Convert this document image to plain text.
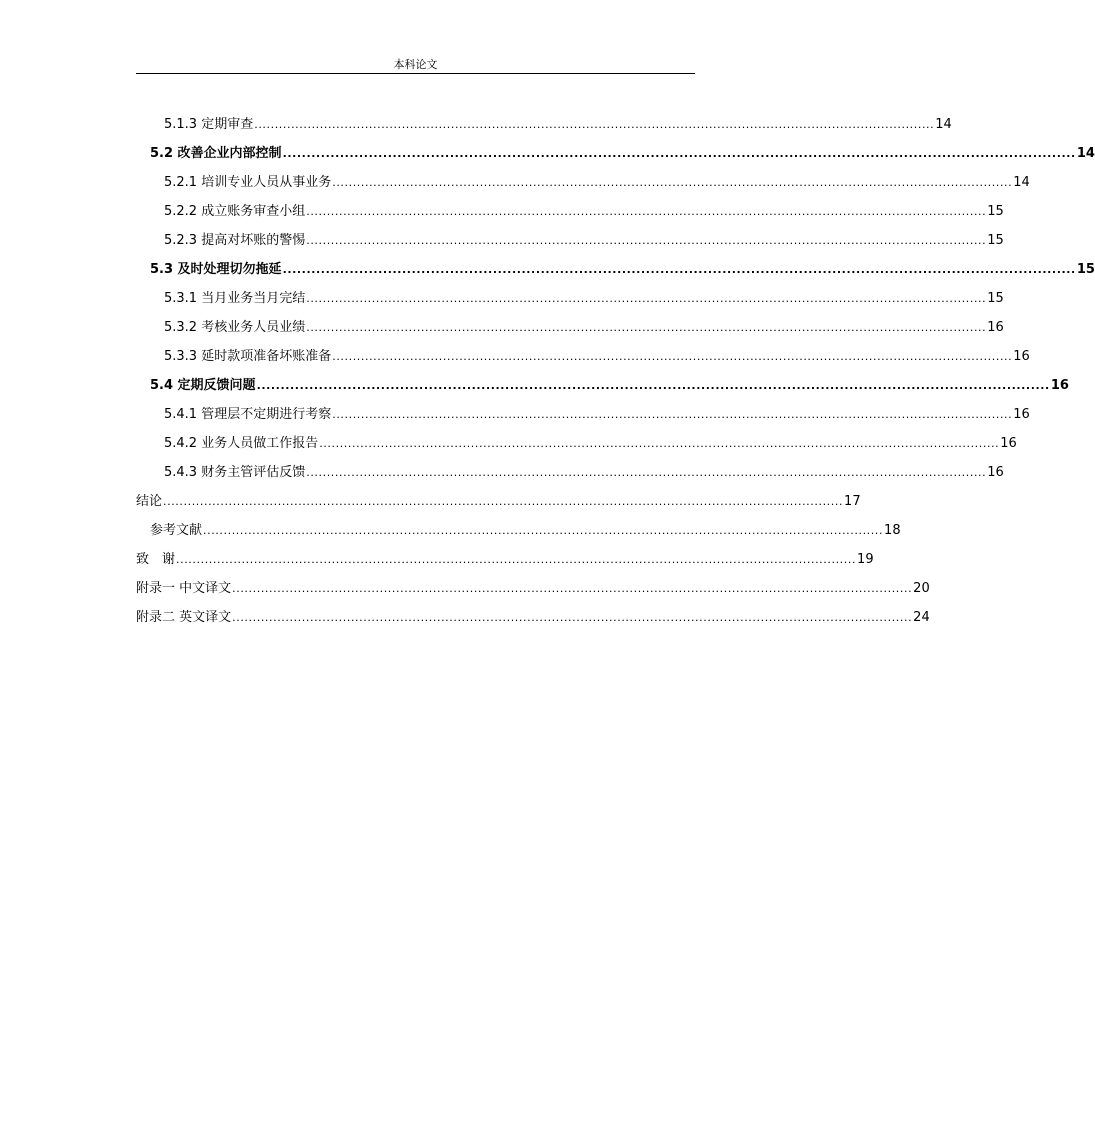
本科论文
5.1.3 定期审查 ...................................................................................................................................................................... 14
5.2 改善企业内部控制 ...................................................................................................................................................................... 14
5.2.1 培训专业人员从事业务 ...................................................................................................................................................................... 14
5.2.2 成立账务审查小组 ...................................................................................................................................................................... 15
5.2.3 提高对坏账的警惕 ...................................................................................................................................................................... 15
5.3 及时处理切勿拖延 ...................................................................................................................................................................... 15
5.3.1 当月业务当月完结 ...................................................................................................................................................................... 15
5.3.2 考核业务人员业绩 ...................................................................................................................................................................... 16
5.3.3 延时款项准备坏账准备 ...................................................................................................................................................................... 16
5.4 定期反馈问题 ...................................................................................................................................................................... 16
5.4.1 管理层不定期进行考察 ...................................................................................................................................................................... 16
5.4.2 业务人员做工作报告 ...................................................................................................................................................................... 16
5.4.3 财务主管评估反馈 ...................................................................................................................................................................... 16
结论 ...................................................................................................................................................................... 17
参考文献 ...................................................................................................................................................................... 18
致　谢 ...................................................................................................................................................................... 19
附录一 中文译文 ...................................................................................................................................................................... 20
附录二 英文译文 ...................................................................................................................................................................... 24
